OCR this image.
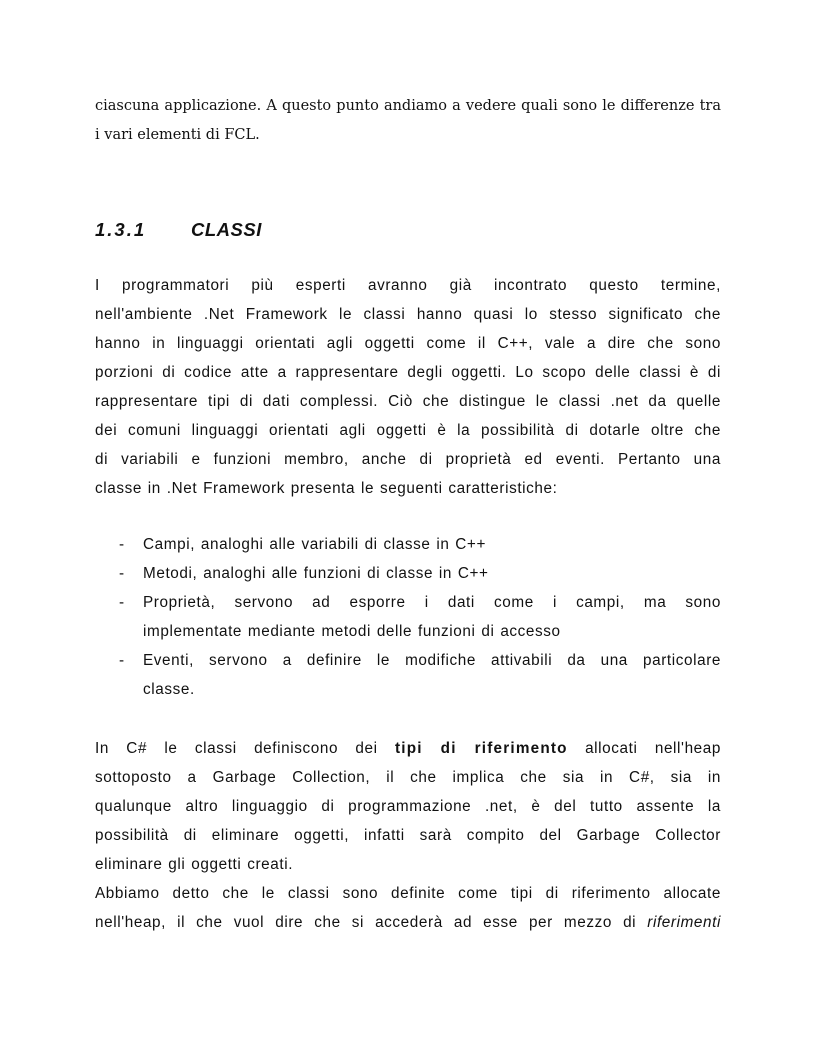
ciascuna applicazione. A questo punto andiamo a vedere quali sono le differenze tra i vari elementi di FCL.
1.3.1 CLASSI
I programmatori più esperti avranno già incontrato questo termine,
nell'ambiente .Net Framework le classi hanno quasi lo stesso significato che
hanno in linguaggi orientati agli oggetti come il C++, vale a dire che sono
porzioni di codice atte a rappresentare degli oggetti. Lo scopo delle classi è di
rappresentare tipi di dati complessi. Ciò che distingue le classi .net da quelle
dei comuni linguaggi orientati agli oggetti è la possibilità di dotarle oltre che
di variabili e funzioni membro, anche di proprietà ed eventi. Pertanto una
classe in .Net Framework presenta le seguenti caratteristiche:
- Campi, analoghi alle variabili di classe in C++
- Metodi, analoghi alle funzioni di classe in C++
- Proprietà, servono ad esporre i dati come i campi, ma sono
implementate mediante metodi delle funzioni di accesso
- Eventi, servono a definire le modifiche attivabili da una particolare
classe.
In C# le classi definiscono dei tipi di riferimento allocati nell'heap
sottoposto a Garbage Collection, il che implica che sia in C#, sia in
qualunque altro linguaggio di programmazione .net, è del tutto assente la
possibilità di eliminare oggetti, infatti sarà compito del Garbage Collector
eliminare gli oggetti creati.
Abbiamo detto che le classi sono definite come tipi di riferimento allocate
nell'heap, il che vuol dire che si accederà ad esse per mezzo di riferimenti
